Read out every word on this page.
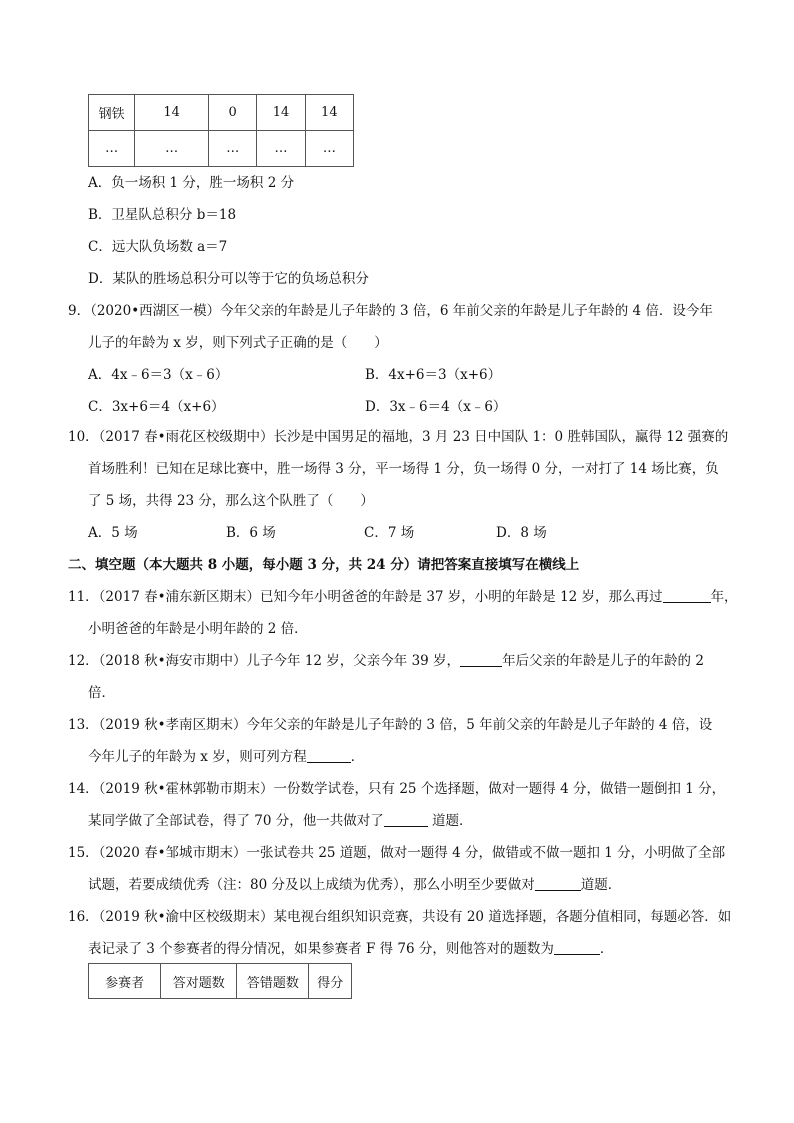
钢铁	14	0	14	14
…	…	…	…	…
A．负一场积 1 分，胜一场积 2 分
B．卫星队总积分 b＝18
C．远大队负场数 a＝7
D．某队的胜场总积分可以等于它的负场总积分
9．（2020•西湖区一模）今年父亲的年龄是儿子年龄的 3 倍，6 年前父亲的年龄是儿子年龄的 4 倍．设今年
儿子的年龄为 x 岁，则下列式子正确的是（　　）
A．4x﹣6＝3（x﹣6）	B．4x+6＝3（x+6）
C．3x+6＝4（x+6）	D．3x﹣6＝4（x﹣6）
10．（2017 春•雨花区校级期中）长沙是中国男足的福地，3 月 23 日中国队 1：0 胜韩国队，赢得 12 强赛的
首场胜利！已知在足球比赛中，胜一场得 3 分，平一场得 1 分，负一场得 0 分，一对打了 14 场比赛，负
了 5 场，共得 23 分，那么这个队胜了（　　）
A．5 场	B．6 场	C．7 场	D．8 场
二、填空题（本大题共 8 小题，每小题 3 分，共 24 分）请把答案直接填写在横线上
11．（2017 春•浦东新区期末）已知今年小明爸爸的年龄是 37 岁，小明的年龄是 12 岁，那么再过	年，
小明爸爸的年龄是小明年龄的 2 倍．
12．（2018 秋•海安市期中）儿子今年 12 岁，父亲今年 39 岁，	年后父亲的年龄是儿子的年龄的 2
倍．
13．（2019 秋•孝南区期末）今年父亲的年龄是儿子年龄的 3 倍，5 年前父亲的年龄是儿子年龄的 4 倍，设
今年儿子的年龄为 x 岁，则可列方程	．
14．（2019 秋•霍林郭勒市期末）一份数学试卷，只有 25 个选择题，做对一题得 4 分，做错一题倒扣 1 分，
某同学做了全部试卷，得了 70 分，他一共做对了	道题．
15．（2020 春•邹城市期末）一张试卷共 25 道题，做对一题得 4 分，做错或不做一题扣 1 分，小明做了全部
试题，若要成绩优秀（注：80 分及以上成绩为优秀），那么小明至少要做对	道题．
16．（2019 秋•渝中区校级期末）某电视台组织知识竞赛，共设有 20 道选择题，各题分值相同，每题必答．如
表记录了 3 个参赛者的得分情况，如果参赛者 F 得 76 分，则他答对的题数为	．
参赛者	答对题数	答错题数	得分
